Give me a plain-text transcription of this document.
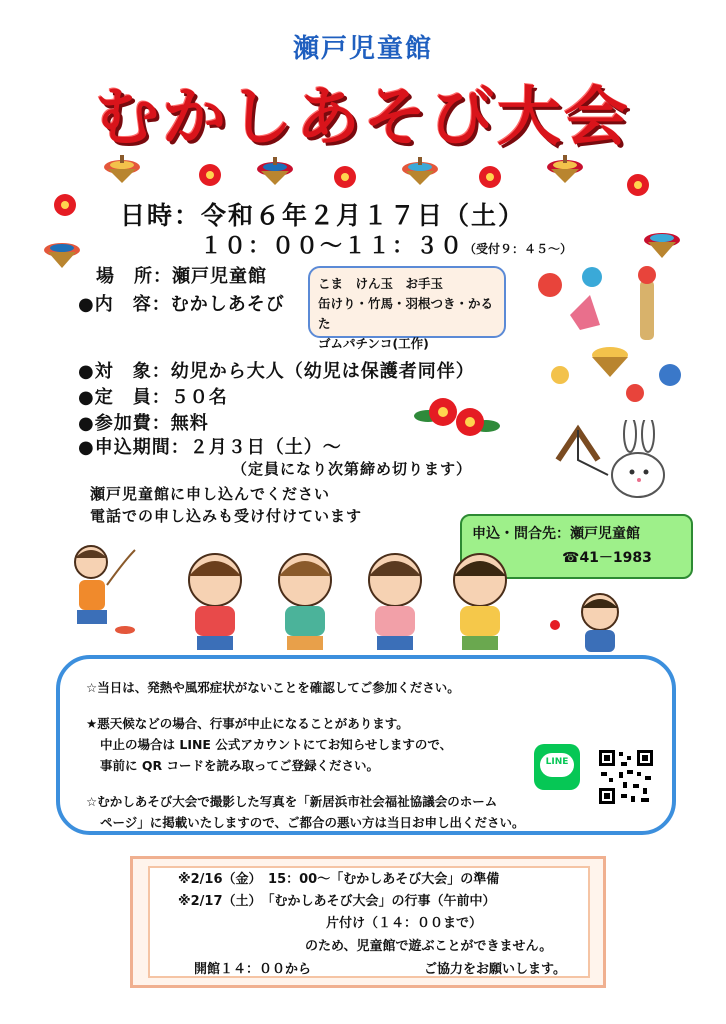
瀬戸児童館
むかしあそび大会
日時：令和６年２月１７日（土）
１０：００～１１：３０（受付９：４５～）
場　所：瀬戸児童館
●内　容：むかしあそび
こま　けん玉　お手玉
缶けり・竹馬・羽根つき・かるた
ゴムパチンコ(工作)
●対　象：幼児から大人（幼児は保護者同伴）
●定　員：５０名
●参加費：無料
●申込期間：２月３日（土）～
（定員になり次第締め切ります）
瀬戸児童館に申し込んでください
電話での申し込みも受け付けています
申込・問合先：瀬戸児童館
☎41－1983
☆当日は、発熱や風邪症状がないことを確認してご参加ください。
★悪天候などの場合、行事が中止になることがあります。
中止の場合は LINE 公式アカウントにてお知らせしますので、
事前に QR コードを読み取ってご登録ください。
☆むかしあそび大会で撮影した写真を「新居浜市社会福祉協議会のホーム
ページ」に掲載いたしますので、ご都合の悪い方は当日お申し出ください。
LINE
※2/16（金）　15：00～「むかしあそび大会」の準備
※2/17（土）　「むかしあそび大会」の行事（午前中）
片付け（１４：００まで）
のため、児童館で遊ぶことができません。
開館１４：００から	ご協力をお願いします。
